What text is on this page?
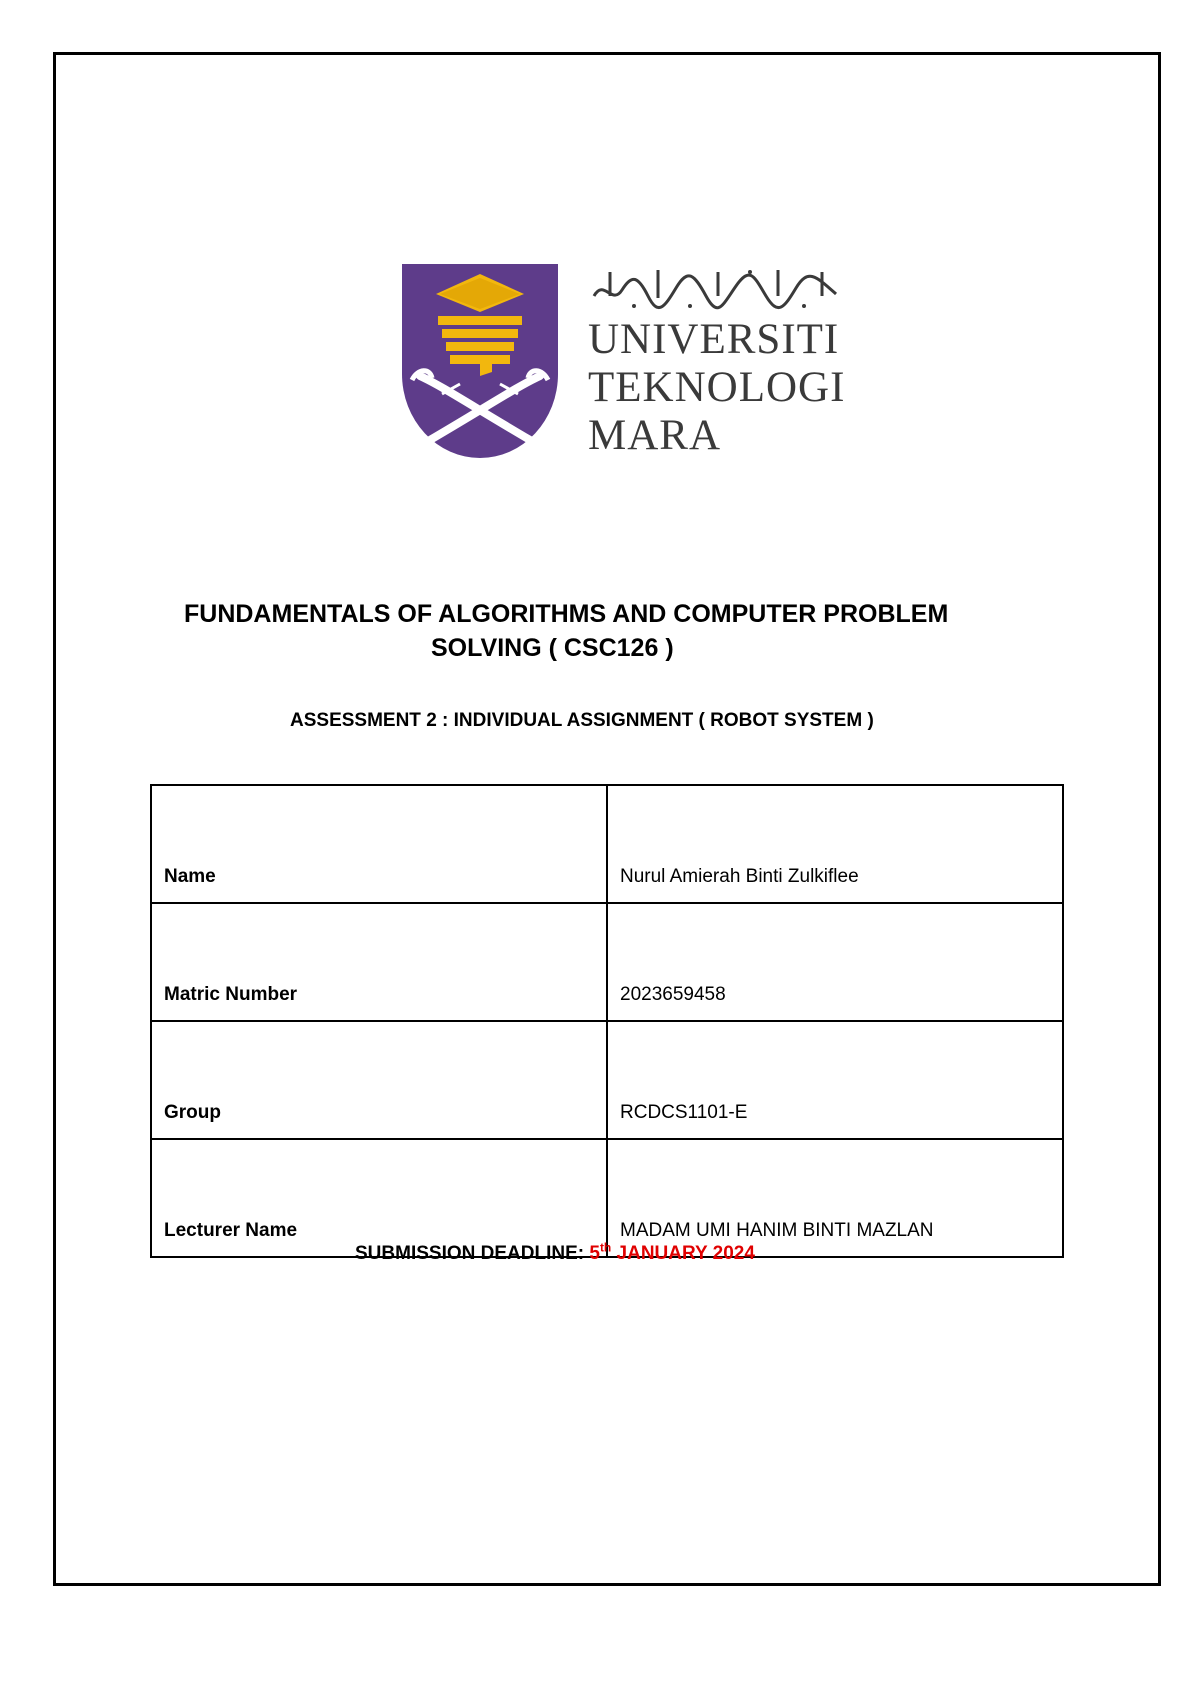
UNIVERSITI
TEKNOLOGI
MARA
FUNDAMENTALS OF ALGORITHMS AND COMPUTER PROBLEM
SOLVING ( CSC126 )
ASSESSMENT 2 : INDIVIDUAL ASSIGNMENT ( ROBOT SYSTEM )
Name	Nurul Amierah Binti Zulkiflee
Matric Number	2023659458
Group	RCDCS1101-E
Lecturer Name	MADAM UMI HANIM BINTI MAZLAN
SUBMISSION DEADLINE: 5th JANUARY 2024
